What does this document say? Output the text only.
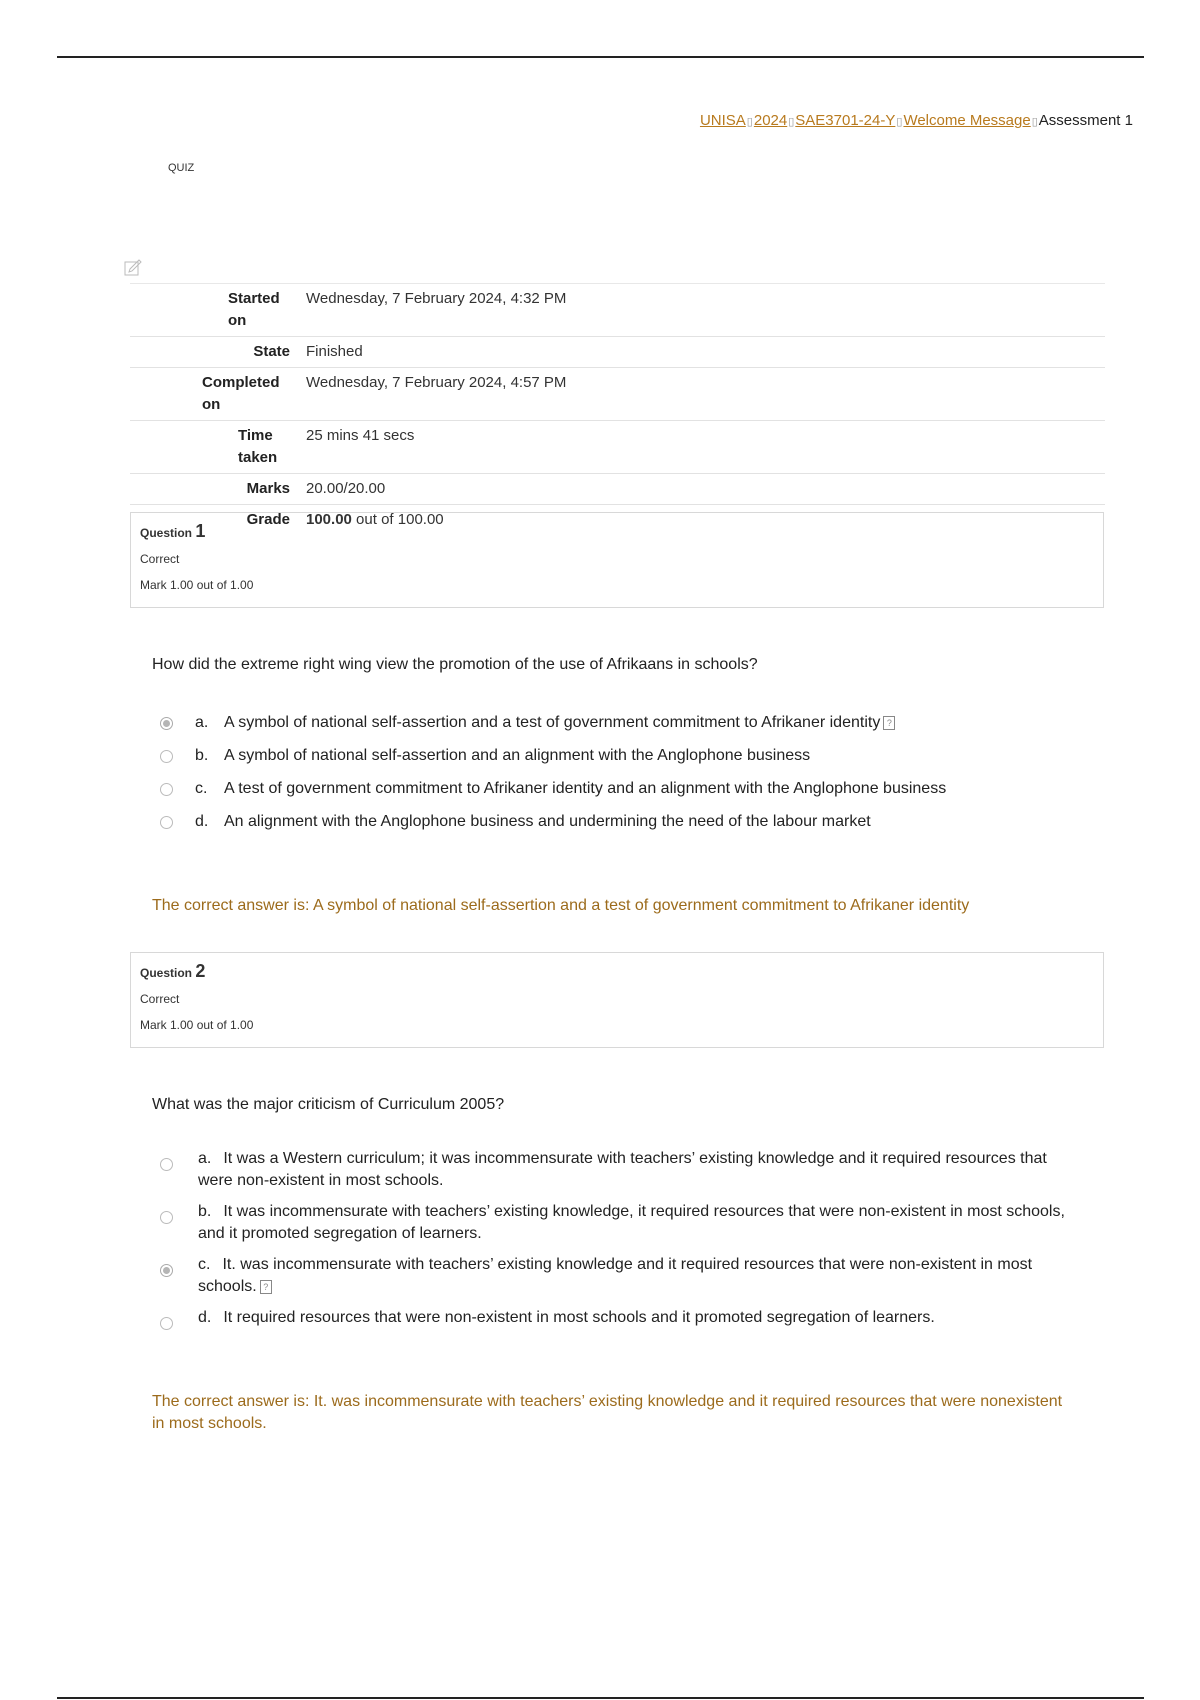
UNISA▯2024▯SAE3701-24-Y▯Welcome Message▯Assessment 1
QUIZ
Started
on	Wednesday, 7 February 2024, 4:32 PM
State	Finished
Completed
on	Wednesday, 7 February 2024, 4:57 PM
Time
taken	25 mins 41 secs
Marks	20.00/20.00
Grade	100.00 out of 100.00
Question 1
Correct
Mark 1.00 out of 1.00
How did the extreme right wing view the promotion of the use of Afrikaans in schools?
a. A symbol of national self-assertion and a test of government commitment to Afrikaner identity ?
b. A symbol of national self-assertion and an alignment with the Anglophone business
c. A test of government commitment to Afrikaner identity and an alignment with the Anglophone business
d. An alignment with the Anglophone business and undermining the need of the labour market
The correct answer is: A symbol of national self-assertion and a test of government commitment to Afrikaner identity
Question 2
Correct
Mark 1.00 out of 1.00
What was the major criticism of Curriculum 2005?
a. It was a Western curriculum; it was incommensurate with teachers’ existing knowledge and it required resources that were non-existent in most schools.
b. It was incommensurate with teachers’ existing knowledge, it required resources that were non-existent in most schools, and it promoted segregation of learners.
c. It. was incommensurate with teachers’ existing knowledge and it required resources that were non-existent in most schools. ?
d. It required resources that were non-existent in most schools and it promoted segregation of learners.
The correct answer is: It. was incommensurate with teachers’ existing knowledge and it required resources that were nonexistent in most schools.
